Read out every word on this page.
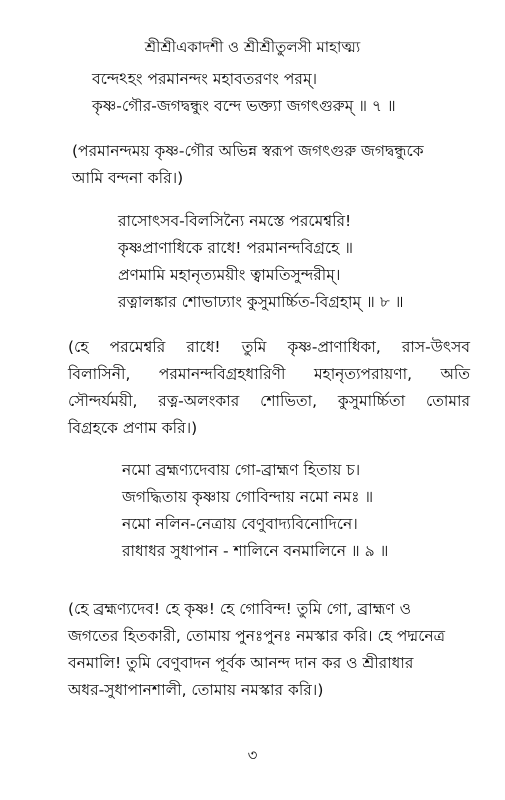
শ্রীশ্রীএকাদশী ও শ্রীশ্রীতুলসী মাহাত্ম্য
বন্দেঽহং পরমানন্দং মহাবতরণং পরম্।
কৃষ্ণ-গৌর-জগদ্বন্ধুং বন্দে ভক্ত্যা জগৎগুরুম্ ॥ ৭ ॥
(পরমানন্দময় কৃষ্ণ-গৌর অভিন্ন স্বরূপ জগৎগুরু জগদ্বন্ধুকে
আমি বন্দনা করি।)
রাসোৎসব-বিলসিন্যৈ নমস্তে পরমেশ্বরি!
কৃষ্ণপ্রাণাধিকে রাধে! পরমানন্দবিগ্রহে ॥
প্রণমামি মহানৃত্যময়ীং ত্বামতিসুন্দরীম্।
রত্নালঙ্কার শোভাঢ্যাং কুসুমার্চ্চিত-বিগ্রহাম্ ॥ ৮ ॥
(হে পরমেশ্বরি রাধে! তুমি কৃষ্ণ-প্রাণাধিকা, রাস-উৎসব
বিলাসিনী, পরমানন্দবিগ্রহধারিণী মহানৃত্যপরায়ণা, অতি
সৌন্দর্যময়ী, রত্ন-অলংকার শোভিতা, কুসুমার্চ্চিতা তোমার
বিগ্রহকে প্রণাম করি।)
নমো ব্রহ্মণ্যদেবায় গো-ব্রাহ্মণ হিতায় চ।
জগদ্ধিতায় কৃষ্ণায় গোবিন্দায় নমো নমঃ ॥
নমো নলিন-নেত্রায় বেণুবাদ্যবিনোদিনে।
রাধাধর সুধাপান - শালিনে বনমালিনে ॥ ৯ ॥
(হে ব্রহ্মণ্যদেব! হে কৃষ্ণ! হে গোবিন্দ! তুমি গো, ব্রাহ্মণ ও
জগতের হিতকারী, তোমায় পুনঃপুনঃ নমস্কার করি। হে পদ্মনেত্র
বনমালি! তুমি বেণুবাদন পূর্বক আনন্দ দান কর ও শ্রীরাধার
অধর-সুধাপানশালী, তোমায় নমস্কার করি।)
৩
